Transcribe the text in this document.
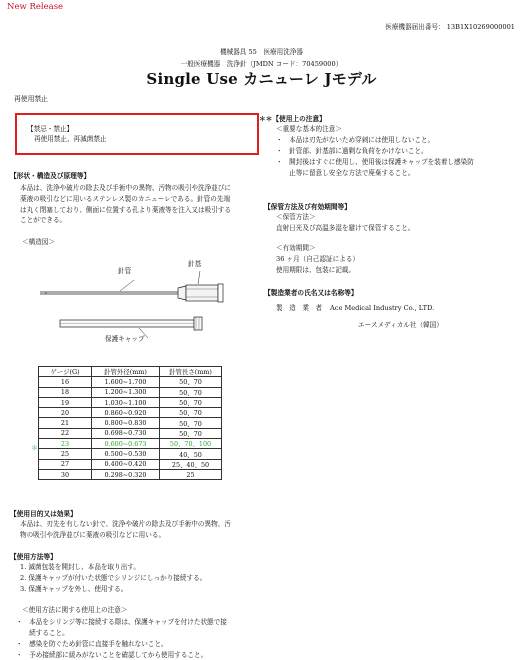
New Release
医療機器届出番号： 13B1X10269000001
機械器具 55　医療用洗浄器
一般医療機器　洗浄針（JMDN コード：70459000）
Single Use カニューレ Jモデル
再使用禁止
【禁忌・禁止】
再使用禁止、再滅菌禁止
【形状・構造及び原理等】
本品は、洗浄や破片の除去及び手術中の異物、汚物の吸引や洗浄並びに
薬液の吸引などに用いるステンレス製のカニューレである。針管の先端
は丸く閉塞しており、側面に位置する孔より薬液等を注入又は吸引する
ことができる。
＜構造図＞
針管
針基
保護キャップ
ゲージ(G)	針管外径(mm)	針管長さ(mm)
16	1.600~1.700	50、70
18	1.200~1.300	50、70
19	1.030~1.100	50、70
20	0.860~0.920	50、70
21	0.800~0.830	50、70
22	0.698~0.730	50、70
23	0.600~0.673	50、70、100
25	0.500~0.530	40、50
27	0.400~0.420	25、40、50
30	0.298~0.320	25
＊
【使用目的又は効果】
本品は、刃先を有しない針で、洗浄や破片の除去及び手術中の異物、汚
物の吸引や洗浄並びに薬液の吸引などに用いる。
【使用方法等】
1. 滅菌包装を開封し、本品を取り出す。
2. 保護キャップが付いた状態でシリンジにしっかり接続する。
3. 保護キャップを外し、使用する。
＜使用方法に関する使用上の注意＞
・　本品をシリンジ等に接続する際は、保護キャップを付けた状態で接
　　続すること。
・　感染を防ぐため針管に直接手を触れないこと。
・　予め接続部に緩みがないことを確認してから使用すること。
＊＊【使用上の注意】
＜重要な基本的注意＞
・　本品は刃先がないため穿刺には使用しないこと。
・　針管部、針基部に過剰な負荷をかけないこと。
・　開封後はすぐに使用し、使用後は保護キャップを装着し感染防
　　止等に留意し安全な方法で廃棄すること。
【保管方法及び有効期間等】
＜保管方法＞
直射日光及び高温多湿を避けて保管すること。
＜有効期間＞
36 ヶ月（自己認証による）
使用期限は、包装に記載。
【製造業者の氏名又は名称等】
製　造　業　者 Ace Medical Industry Co., LTD.
エースメディカル社（韓国）
